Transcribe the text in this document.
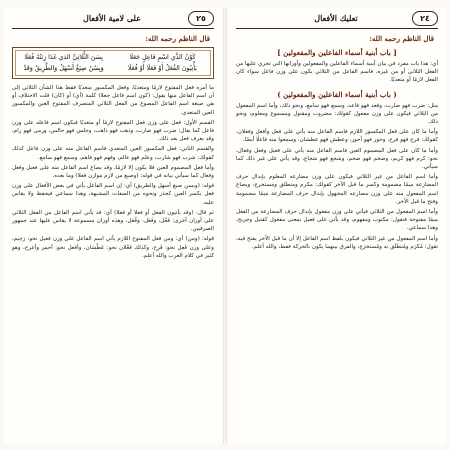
٢٥
على لامية الأفعال
قال الناظم رحمه الله:
كَوْنُ الذَّي اسْمِ فَاعِلٍ جَعَلَا
بِسَنَ الثُّلاثِيِّ الذي غَدَا زِنَتُهُ فُعَلَا
يَأْتِيُونَ الفُعَلُ أَوْ فَعَلَا أَوْ فُعَلَا
وَبِسُنُ صِيَغٌ أَسْهَلُ وَالطَّرِيقُ وَقَدْ

ما أمره فعل المفتوح لازمًا ومتعديًا، وفعل المكسور متعديًا فقط هذا الشأن الثلاثي إلى أن اسم الفاعل منها يقول: (كون اسم فاعل جعلا) كلمة (أي) أو (كان) قلت الاختلاف أو هي صيغة اسم الفاعل المصوغ من الفعل الثلاثي المتصرف المفتوح العين والمكسور العين المتعدي.

القسم الأول: فعل على وزن فعل المفتوح لازمًا أو متعديًا فيكون اسم فاعله على وزن فاعل كما يقال: ضرب فهو ضارب، وذهب فهو ذاهب، وجلس فهو جالس، ورمى فهو رام، وقد يعرف فعل بعد ذلك.

والقسم الثاني: فعل المكسور العين المتعدي فاسم الفاعل منه على وزن فاعل كذلك كقولك: شرب فهو شارب، وعلم فهو عالم، وفهم فهو فاهم، وسمع فهو سامع.

وأما فعل المضموم العين فلا يكون إلا لازمًا، وقد يصاغ اسم الفاعل منه على فعيل وفعل وفعال كما سيأتي بيانه في قوله: (وصيغ من لازم موازن فعلا) وما بعده.

قوله: (وبسن صيغ أسهل والطريق) أي: إن اسم الفاعل يأتي في بعض الأفعال على وزن فعل بكسر العين كحذر ونحوه من الصفات المشبهة، وهذا سماعي فيحفظ ولا يقاس عليه.

ثم قال: (وقد يأتيون الفعل أو فعلا أو فعلا) أي: قد يأتي اسم الفاعل من الفعل الثلاثي على أوزان أخرى: فَعْل، وفَعَل، وفُعَل، وهذه أوزان مسموعة لا يقاس عليها عند جمهور الصرفيين.

قوله: (ومن) أي: ومن فعل المفتوح اللازم يأتي اسم الفاعل على وزن فعيل نحو: رَحِيم، وعلى وزن فَعِل نحو: فَرِح، وكذلك فَعْلان نحو: عَطْشان، وأفعل نحو: أحمر وأعرج، وهو كثير في كلام العرب والله أعلم.

٢٤
تعليك الأفعال
قال الناظم رحمه الله:
[ باب أبنية أسماء الفاعلين والمفعولين ]

أي: هذا باب مفرد في بيان أبنية أسماء الفاعلين والمفعولين وأوزانها التي تجري عليها من الفعل الثلاثي أو من غيره، فاسم الفاعل من الثلاثي يكون على وزن فاعل سواء كان الفعل لازمًا أو متعديًا.

( باب أبنية أسماء الفاعلين والمفعولين )

مثل: ضرب فهو ضارب، وقعد فهو قاعد، وسمع فهو سامع، ونحو ذلك، وأما اسم المفعول من الثلاثي فيكون على وزن مفعول كقولك: مضروب ومقتول ومسموع ومعلوم، ونحو ذلك.

وأما ما كان على فعل المكسور اللازم فاسم الفاعل منه يأتي على فعل وأفعل وفعلان، كقولك: فرح فهو فرح، وحور فهو أحور، وعطش فهو عطشان، وسمعوا منه فاعلًا أيضًا.

وأما ما كان على فعل المضموم العين فاسم الفاعل منه يأتي على فعيل وفعل وفعال، نحو: كرم فهو كريم، وضخم فهو ضخم، وشجع فهو شجاع، وقد يأتي على غير ذلك كما سيأتي.

وأما اسم الفاعل من غير الثلاثي فيكون على وزن مضارعه المعلوم بإبدال حرف المضارعة ميمًا مضمومة وكسر ما قبل الآخر كقولك: مكرم ومنطلق ومستخرج، ويصاغ اسم المفعول منه على وزن مضارعه المجهول بإبدال حرف المضارعة ميمًا مضمومة وفتح ما قبل الآخر.

وأما اسم المفعول من الثلاثي فيأتي على وزن مفعول بإبدال حرف المضارعة من الفعل ميمًا مفتوحة فتقول: مكتوب ومفهوم، وقد يأتي على فعيل بمعنى مفعول كقتيل وجريح، وهذا سماعي.

وأما اسم المفعول من غير الثلاثي فيكون بلفظ اسم الفاعل إلا أن ما قبل الآخر يفتح فيه، تقول: مُكرَم ومُنطلَق به ومُستخرَج، والفرق بينهما يكون بالحركة فقط، والله أعلم.
